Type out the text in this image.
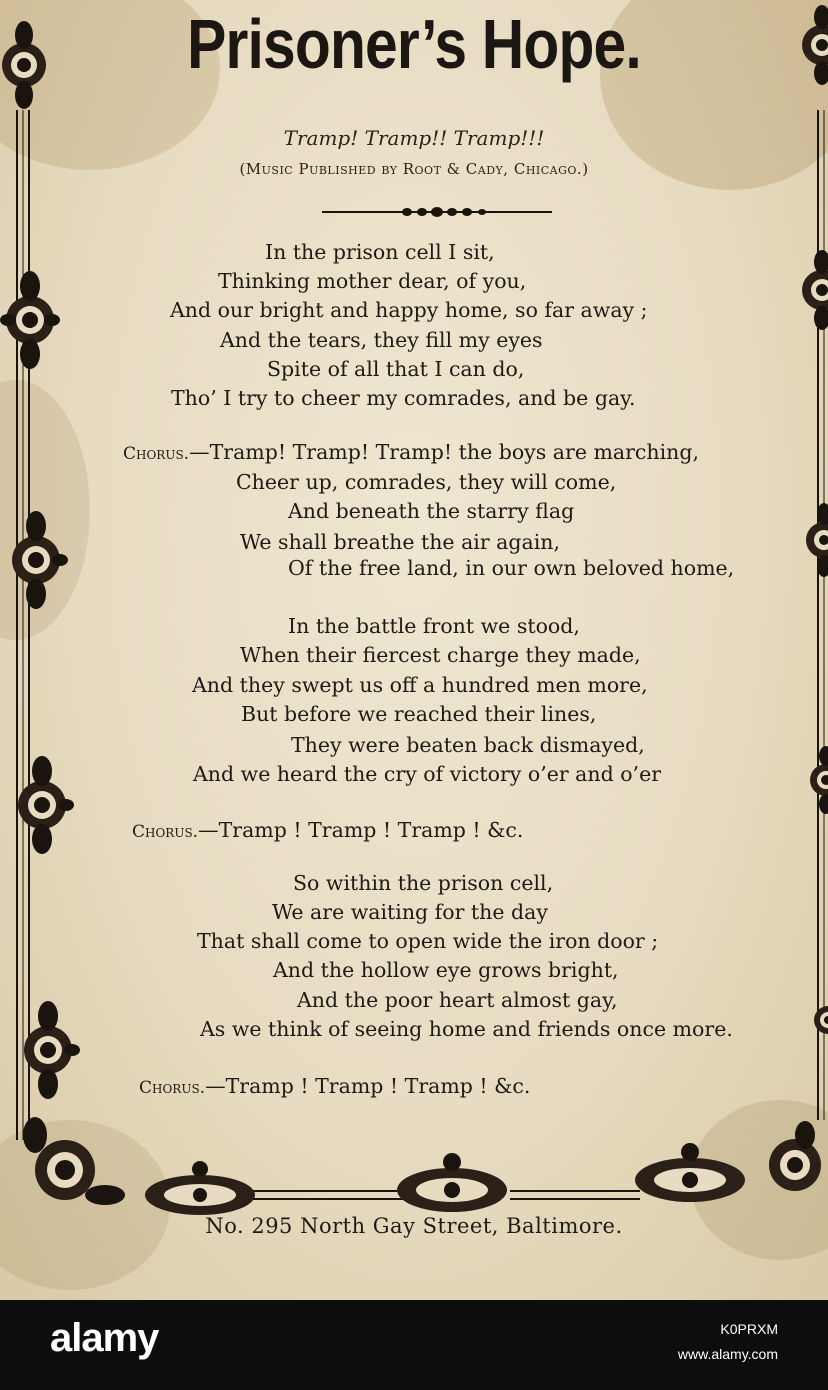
Prisoner’s Hope.
Tramp! Tramp!! Tramp!!!
(Music Published by Root & Cady, Chicago.)
In the prison cell I sit,
Thinking mother dear, of you,
And our bright and happy home, so far away ;
And the tears, they fill my eyes
Spite of all that I can do,
Tho’ I try to cheer my comrades, and be gay.
Chorus.—Tramp! Tramp! Tramp! the boys are marching,
Cheer up, comrades, they will come,
And beneath the starry flag
We shall breathe the air again,
Of the free land, in our own beloved home,
In the battle front we stood,
When their fiercest charge they made,
And they swept us off a hundred men more,
But before we reached their lines,
They were beaten back dismayed,
And we heard the cry of victory o’er and o’er
Chorus.—Tramp ! Tramp ! Tramp ! &c.
So within the prison cell,
We are waiting for the day
That shall come to open wide the iron door ;
And the hollow eye grows bright,
And the poor heart almost gay,
As we think of seeing home and friends once more.
Chorus.—Tramp ! Tramp ! Tramp ! &c.
No. 295 North Gay Street, Baltimore.
alamy	K0PRXM
www.alamy.com
